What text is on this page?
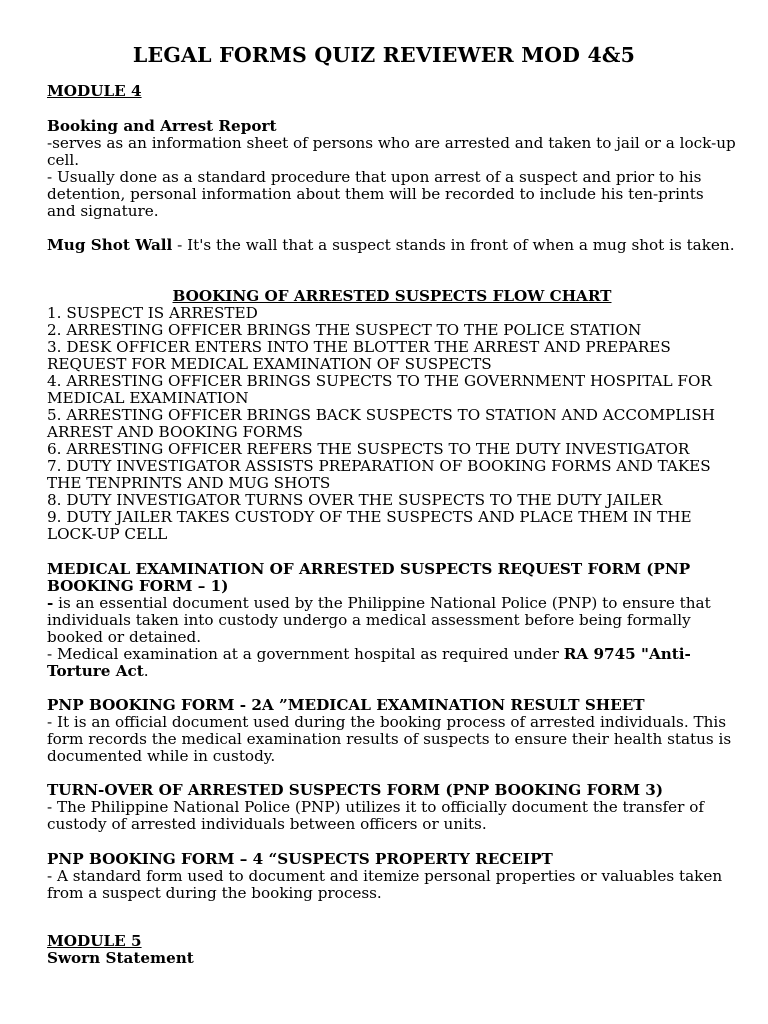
LEGAL FORMS QUIZ REVIEWER MOD 4&5
MODULE 4

Booking and Arrest Report

-serves as an information sheet of persons who are arrested and taken to jail or a lock-up cell.

- Usually done as a standard procedure that upon arrest of a suspect and prior to his detention, personal information about them will be recorded to include his ten-prints and signature.

Mug Shot Wall - It's the wall that a suspect stands in front of when a mug shot is taken.

BOOKING OF ARRESTED SUSPECTS FLOW CHART

1. SUSPECT IS ARRESTED

2. ARRESTING OFFICER BRINGS THE SUSPECT TO THE POLICE STATION

3. DESK OFFICER ENTERS INTO THE BLOTTER THE ARREST AND PREPARES REQUEST FOR MEDICAL EXAMINATION OF SUSPECTS

4. ARRESTING OFFICER BRINGS SUPECTS TO THE GOVERNMENT HOSPITAL FOR MEDICAL EXAMINATION

5. ARRESTING OFFICER BRINGS BACK SUSPECTS TO STATION AND ACCOMPLISH ARREST AND BOOKING FORMS

6. ARRESTING OFFICER REFERS THE SUSPECTS TO THE DUTY INVESTIGATOR

7. DUTY INVESTIGATOR ASSISTS PREPARATION OF BOOKING FORMS AND TAKES THE TENPRINTS AND MUG SHOTS

8. DUTY INVESTIGATOR TURNS OVER THE SUSPECTS TO THE DUTY JAILER

9. DUTY JAILER TAKES CUSTODY OF THE SUSPECTS AND PLACE THEM IN THE LOCK-UP CELL

MEDICAL EXAMINATION OF ARRESTED SUSPECTS REQUEST FORM (PNP BOOKING FORM – 1)

- is an essential document used by the Philippine National Police (PNP) to ensure that individuals taken into custody undergo a medical assessment before being formally booked or detained.

- Medical examination at a government hospital as required under RA 9745 "Anti-Torture Act.

PNP BOOKING FORM - 2A ”MEDICAL EXAMINATION RESULT SHEET

- It is an official document used during the booking process of arrested individuals. This form records the medical examination results of suspects to ensure their health status is documented while in custody.

TURN-OVER OF ARRESTED SUSPECTS FORM (PNP BOOKING FORM 3)

- The Philippine National Police (PNP) utilizes it to officially document the transfer of custody of arrested individuals between officers or units.

PNP BOOKING FORM – 4 “SUSPECTS PROPERTY RECEIPT

- A standard form used to document and itemize personal properties or valuables taken from a suspect during the booking process.

MODULE 5

Sworn Statement
